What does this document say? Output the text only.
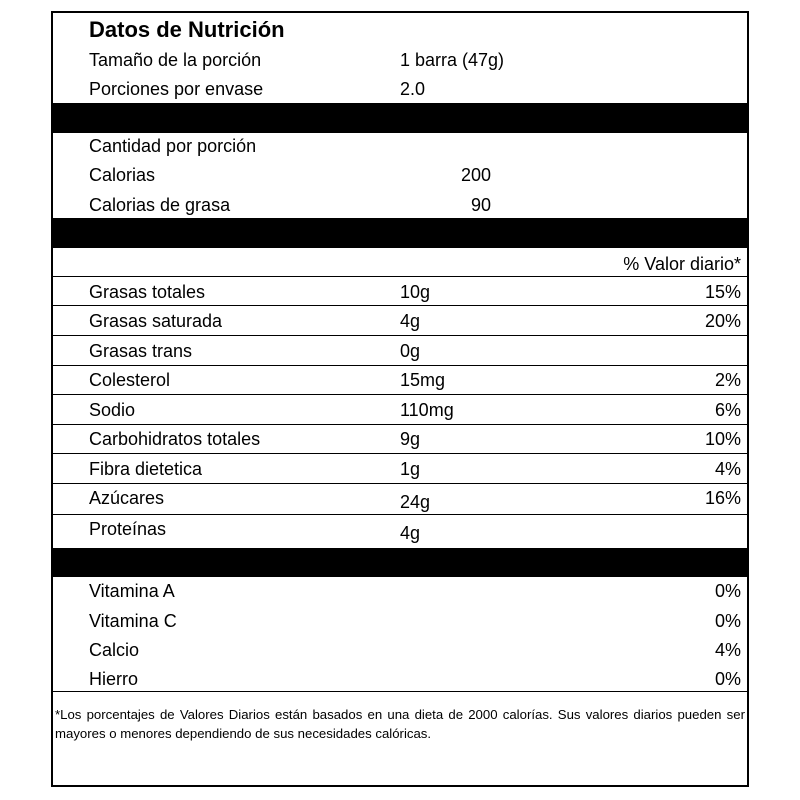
Datos de Nutrición
Tamaño de la porción	1 barra (47g)
Porciones por envase	2.0
Cantidad por porción
Calorias	200
Calorias de grasa	90
% Valor diario*
Grasas totales	10g	15%
Grasas saturada	4g	20%
Grasas trans	0g
Colesterol	15mg	2%
Sodio	110mg	6%
Carbohidratos totales	9g	10%
Fibra dietetica	1g	4%
Azúcares	24g	16%
Proteínas	4g
Vitamina A	0%
Vitamina C	0%
Calcio	4%
Hierro	0%
*Los porcentajes de Valores Diarios están basados en una dieta de 2000 calorías. Sus valores diarios pueden ser mayores o menores dependiendo de sus necesidades calóricas.
